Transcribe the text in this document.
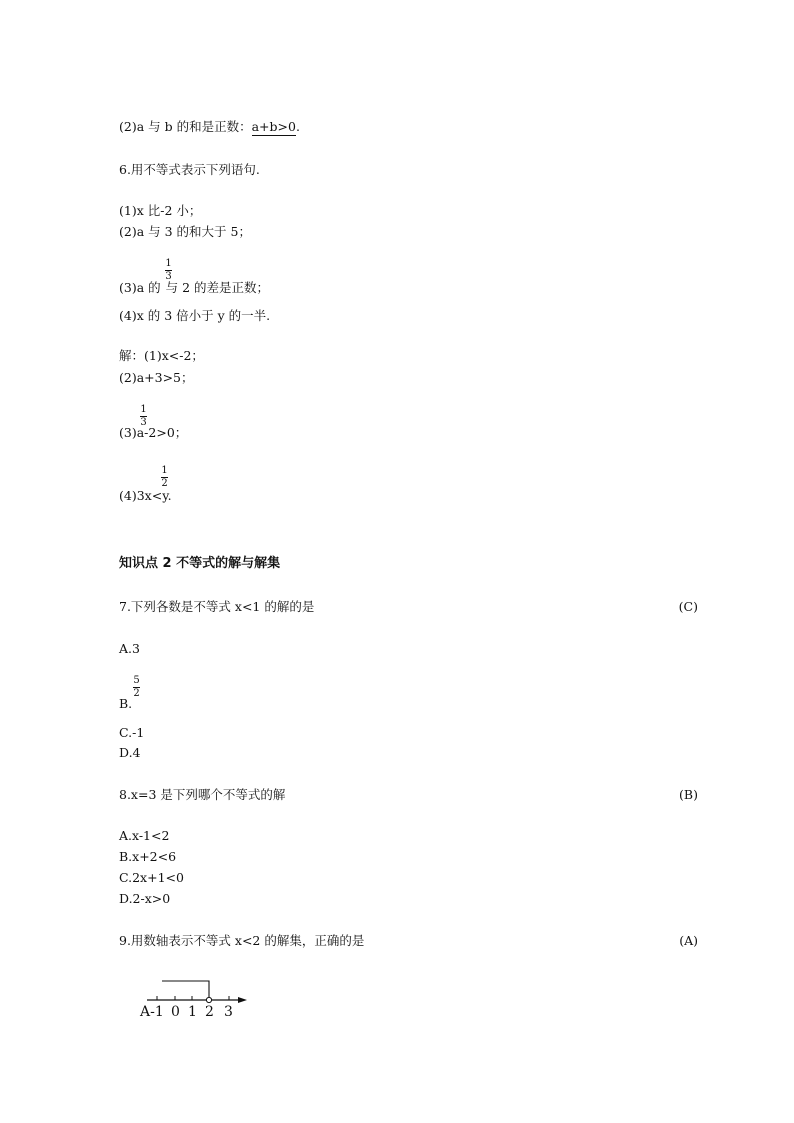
(2)a 与 b 的和是正数：a+b>0.
6.用不等式表示下列语句.
(1)x 比-2 小；
(2)a 与 3 的和大于 5；
1
3
(3)a 的 与 2 的差是正数；
(4)x 的 3 倍小于 y 的一半.
解：(1)x<-2；
(2)a+3>5；
1
3
(3)a-2>0；
1
2
(4)3x<y.
知识点 2 不等式的解与解集
7.下列各数是不等式 x<1 的解的是	(C)
A.3
5
2
B.
C.-1
D.4
8.x=3 是下列哪个不等式的解	(B)
A.x-1<2
B.x+2<6
C.2x+1<0
D.2-x>0
9.用数轴表示不等式 x<2 的解集，正确的是	(A)
A-1 0 1 2 3
